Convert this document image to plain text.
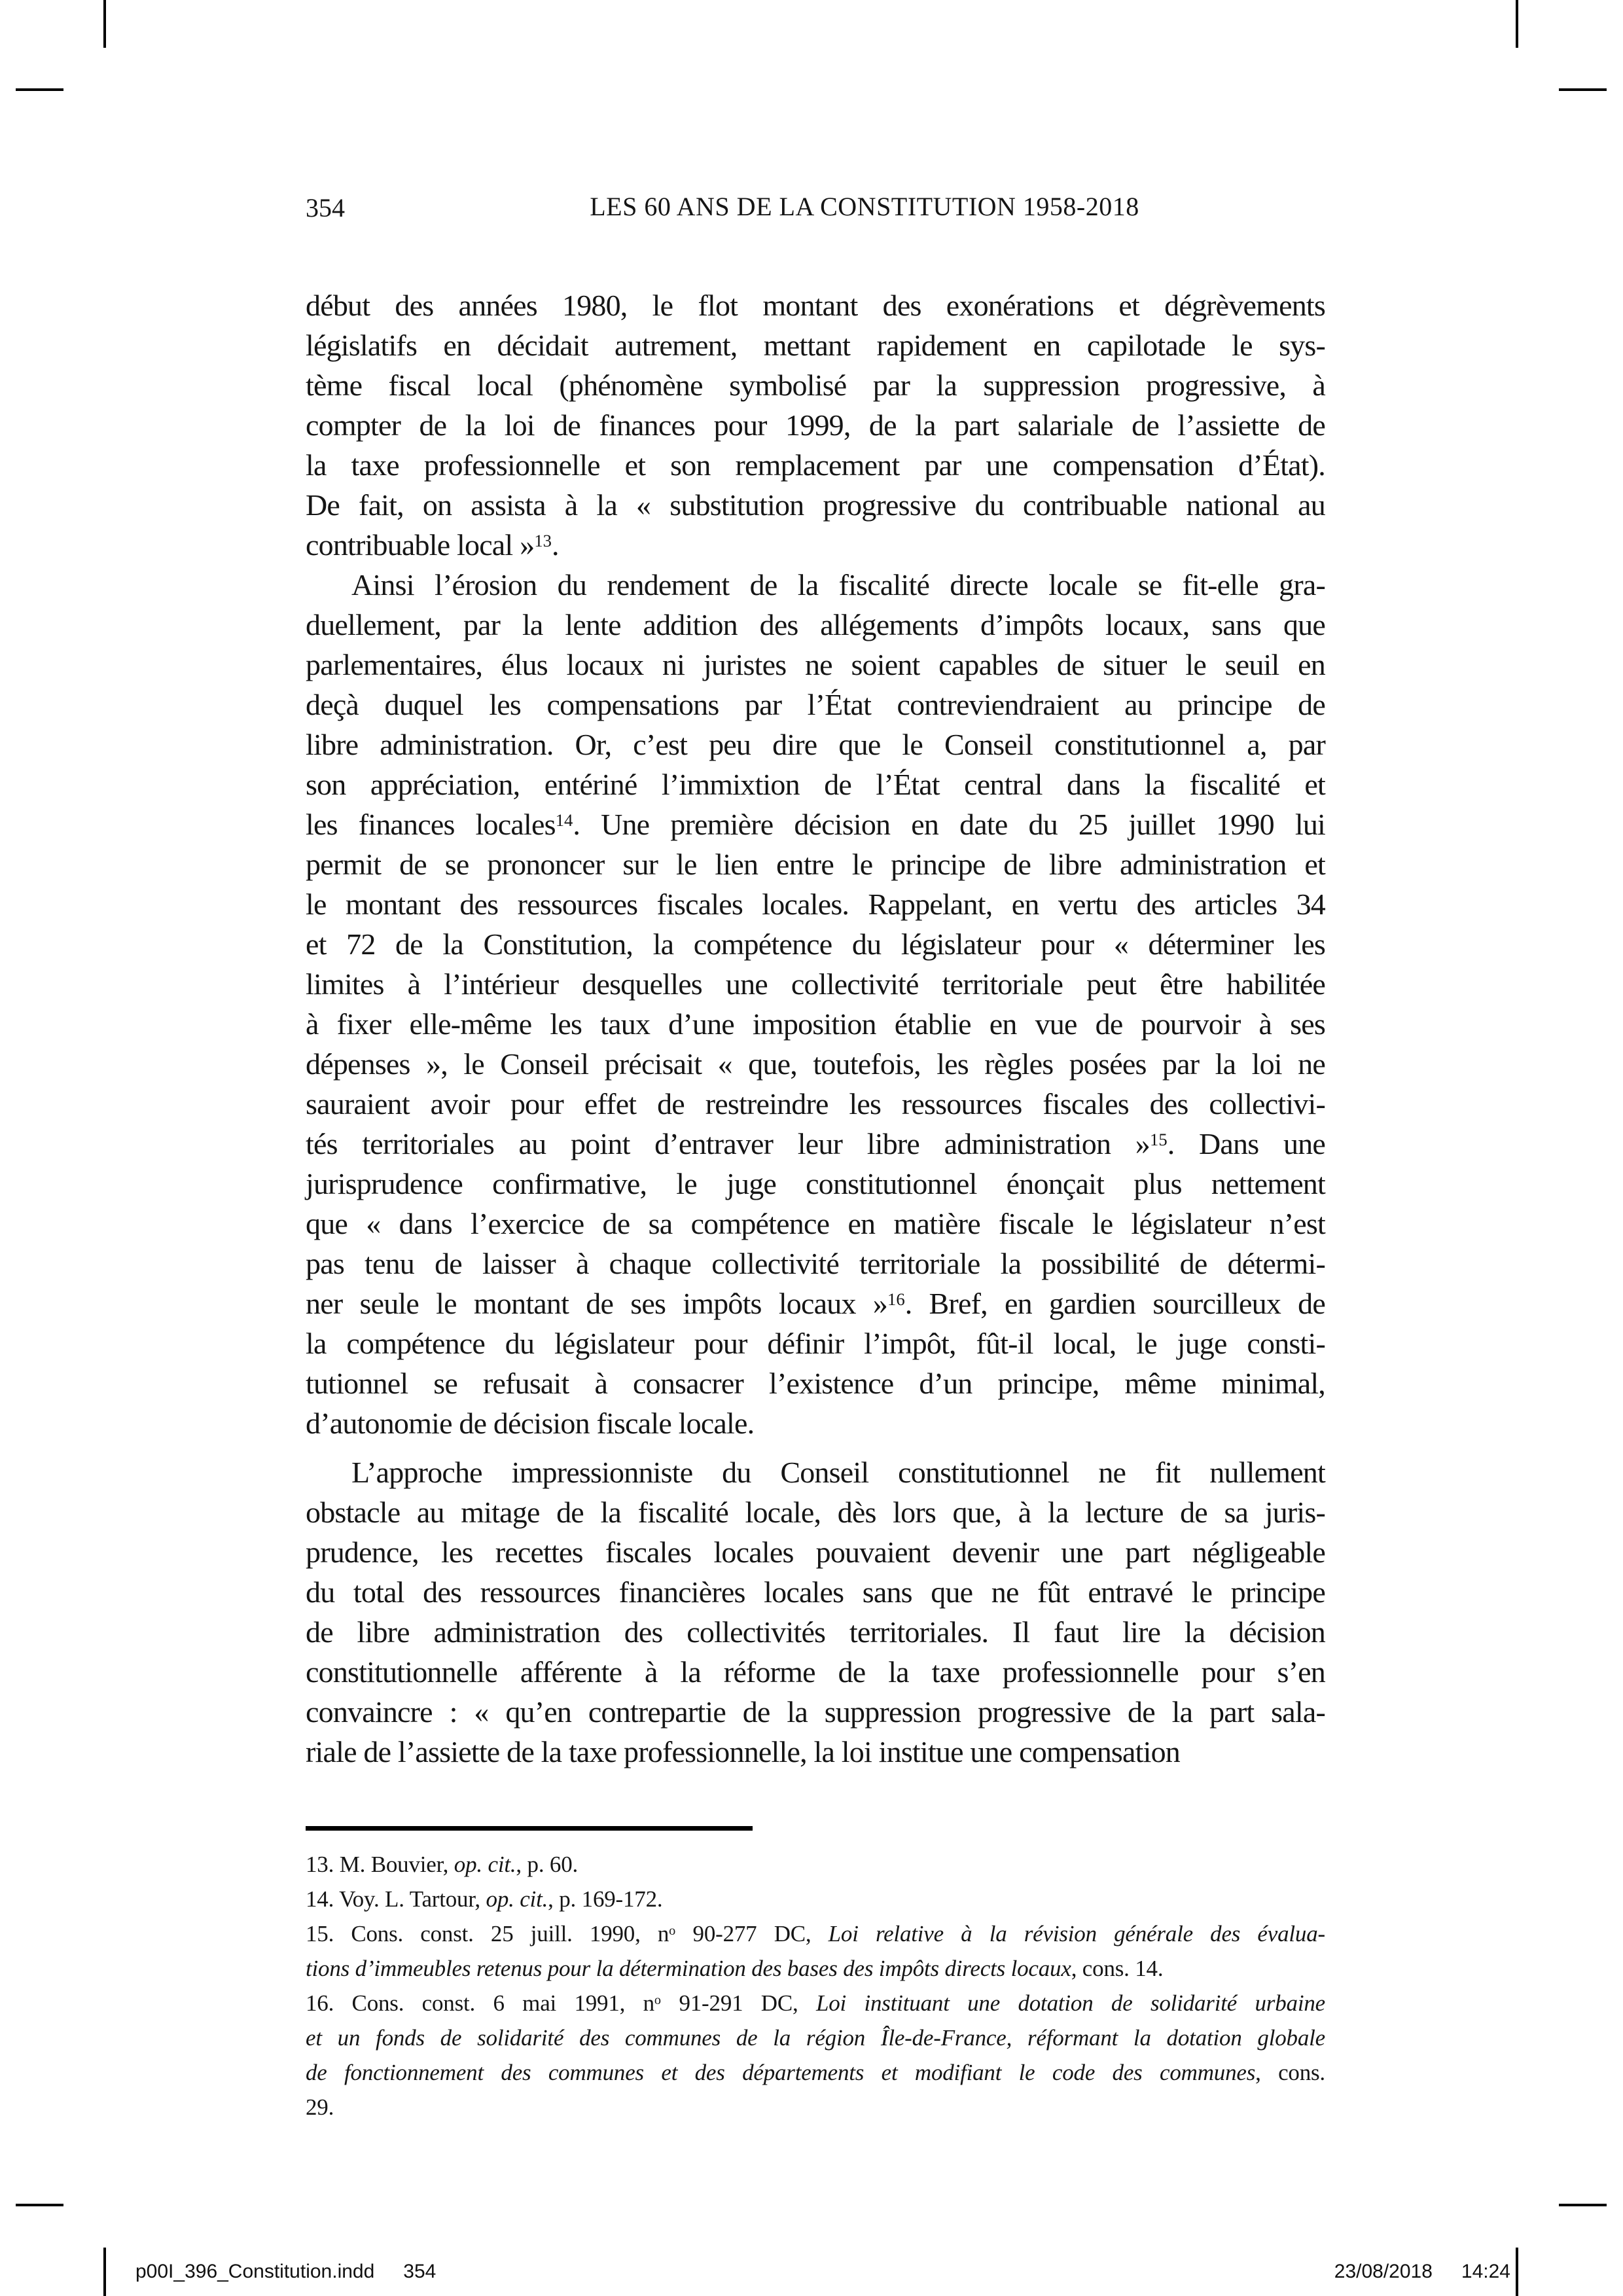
354	LES 60 ANS DE LA CONSTITUTION 1958-2018
début des années 1980, le flot montant des exonérations et dégrèvements
législatifs en décidait autrement, mettant rapidement en capilotade le sys-
tème fiscal local (phénomène symbolisé par la suppression progressive, à
compter de la loi de finances pour 1999, de la part salariale de l’assiette de
la taxe professionnelle et son remplacement par une compensation d’État).
De fait, on assista à la « substitution progressive du contribuable national au
contribuable local »$^{13}$.
Ainsi l’érosion du rendement de la fiscalité directe locale se fit-elle gra-
duellement, par la lente addition des allégements d’impôts locaux, sans que
parlementaires, élus locaux ni juristes ne soient capables de situer le seuil en
deçà duquel les compensations par l’État contreviendraient au principe de
libre administration. Or, c’est peu dire que le Conseil constitutionnel a, par
son appréciation, entériné l’immixtion de l’État central dans la fiscalité et
les finances locales$^{14}$. Une première décision en date du 25 juillet 1990 lui
permit de se prononcer sur le lien entre le principe de libre administration et
le montant des ressources fiscales locales. Rappelant, en vertu des articles 34
et 72 de la Constitution, la compétence du législateur pour « déterminer les
limites à l’intérieur desquelles une collectivité territoriale peut être habilitée
à fixer elle-même les taux d’une imposition établie en vue de pourvoir à ses
dépenses », le Conseil précisait « que, toutefois, les règles posées par la loi ne
sauraient avoir pour effet de restreindre les ressources fiscales des collectivi-
tés territoriales au point d’entraver leur libre administration »$^{15}$. Dans une
jurisprudence confirmative, le juge constitutionnel énonçait plus nettement
que « dans l’exercice de sa compétence en matière fiscale le législateur n’est
pas tenu de laisser à chaque collectivité territoriale la possibilité de détermi-
ner seule le montant de ses impôts locaux »$^{16}$. Bref, en gardien sourcilleux de
la compétence du législateur pour définir l’impôt, fût-il local, le juge consti-
tutionnel se refusait à consacrer l’existence d’un principe, même minimal,
d’autonomie de décision fiscale locale.
L’approche impressionniste du Conseil constitutionnel ne fit nullement
obstacle au mitage de la fiscalité locale, dès lors que, à la lecture de sa juris-
prudence, les recettes fiscales locales pouvaient devenir une part négligeable
du total des ressources financières locales sans que ne fût entravé le principe
de libre administration des collectivités territoriales. Il faut lire la décision
constitutionnelle afférente à la réforme de la taxe professionnelle pour s’en
convaincre : « qu’en contrepartie de la suppression progressive de la part sala-
riale de l’assiette de la taxe professionnelle, la loi institue une compensation
13. M. Bouvier, op. cit., p. 60.
14. Voy. L. Tartour, op. cit., p. 169-172.
15. Cons. const. 25 juill. 1990, $n^o$ 90-277 DC, Loi relative à la révision générale des évalua-
tions d’immeubles retenus pour la détermination des bases des impôts directs locaux, cons. 14.
16. Cons. const. 6 mai 1991, $n^o$ 91-291 DC, Loi instituant une dotation de solidarité urbaine
et un fonds de solidarité des communes de la région Île-de-France, réformant la dotation globale
de fonctionnement des communes et des départements et modifiant le code des communes, cons.
29.
p00I_396_Constitution.indd 354	23/08/2018 14:24
